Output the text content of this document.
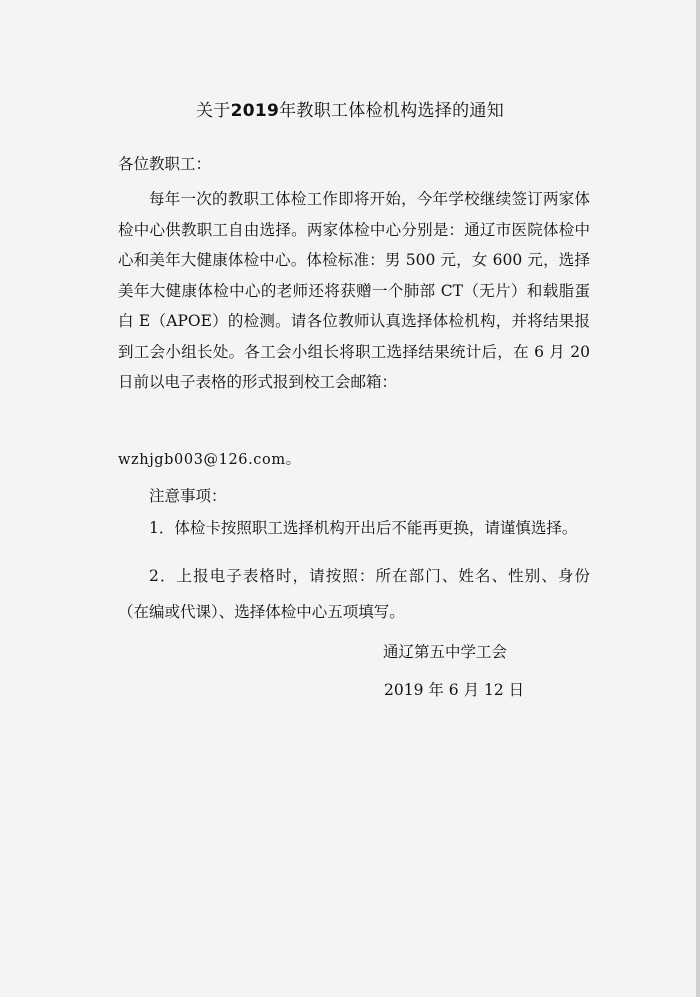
关于2019年教职工体检机构选择的通知
各位教职工：
每年一次的教职工体检工作即将开始，今年学校继续签订两家体检中心供教职工自由选择。两家体检中心分别是：通辽市医院体检中心和美年大健康体检中心。体检标准：男 500 元，女 600 元，选择美年大健康体检中心的老师还将获赠一个肺部 CT（无片）和载脂蛋白 E（APOE）的检测。请各位教师认真选择体检机构，并将结果报到工会小组长处。各工会小组长将职工选择结果统计后，在 6 月 20 日前以电子表格的形式报到校工会邮箱：
wzhjgb003@126.com。
注意事项：
1．体检卡按照职工选择机构开出后不能再更换，请谨慎选择。
2．上报电子表格时，请按照：所在部门、姓名、性别、身份（在编或代课）、选择体检中心五项填写。
通辽第五中学工会
2019 年 6 月 12 日
